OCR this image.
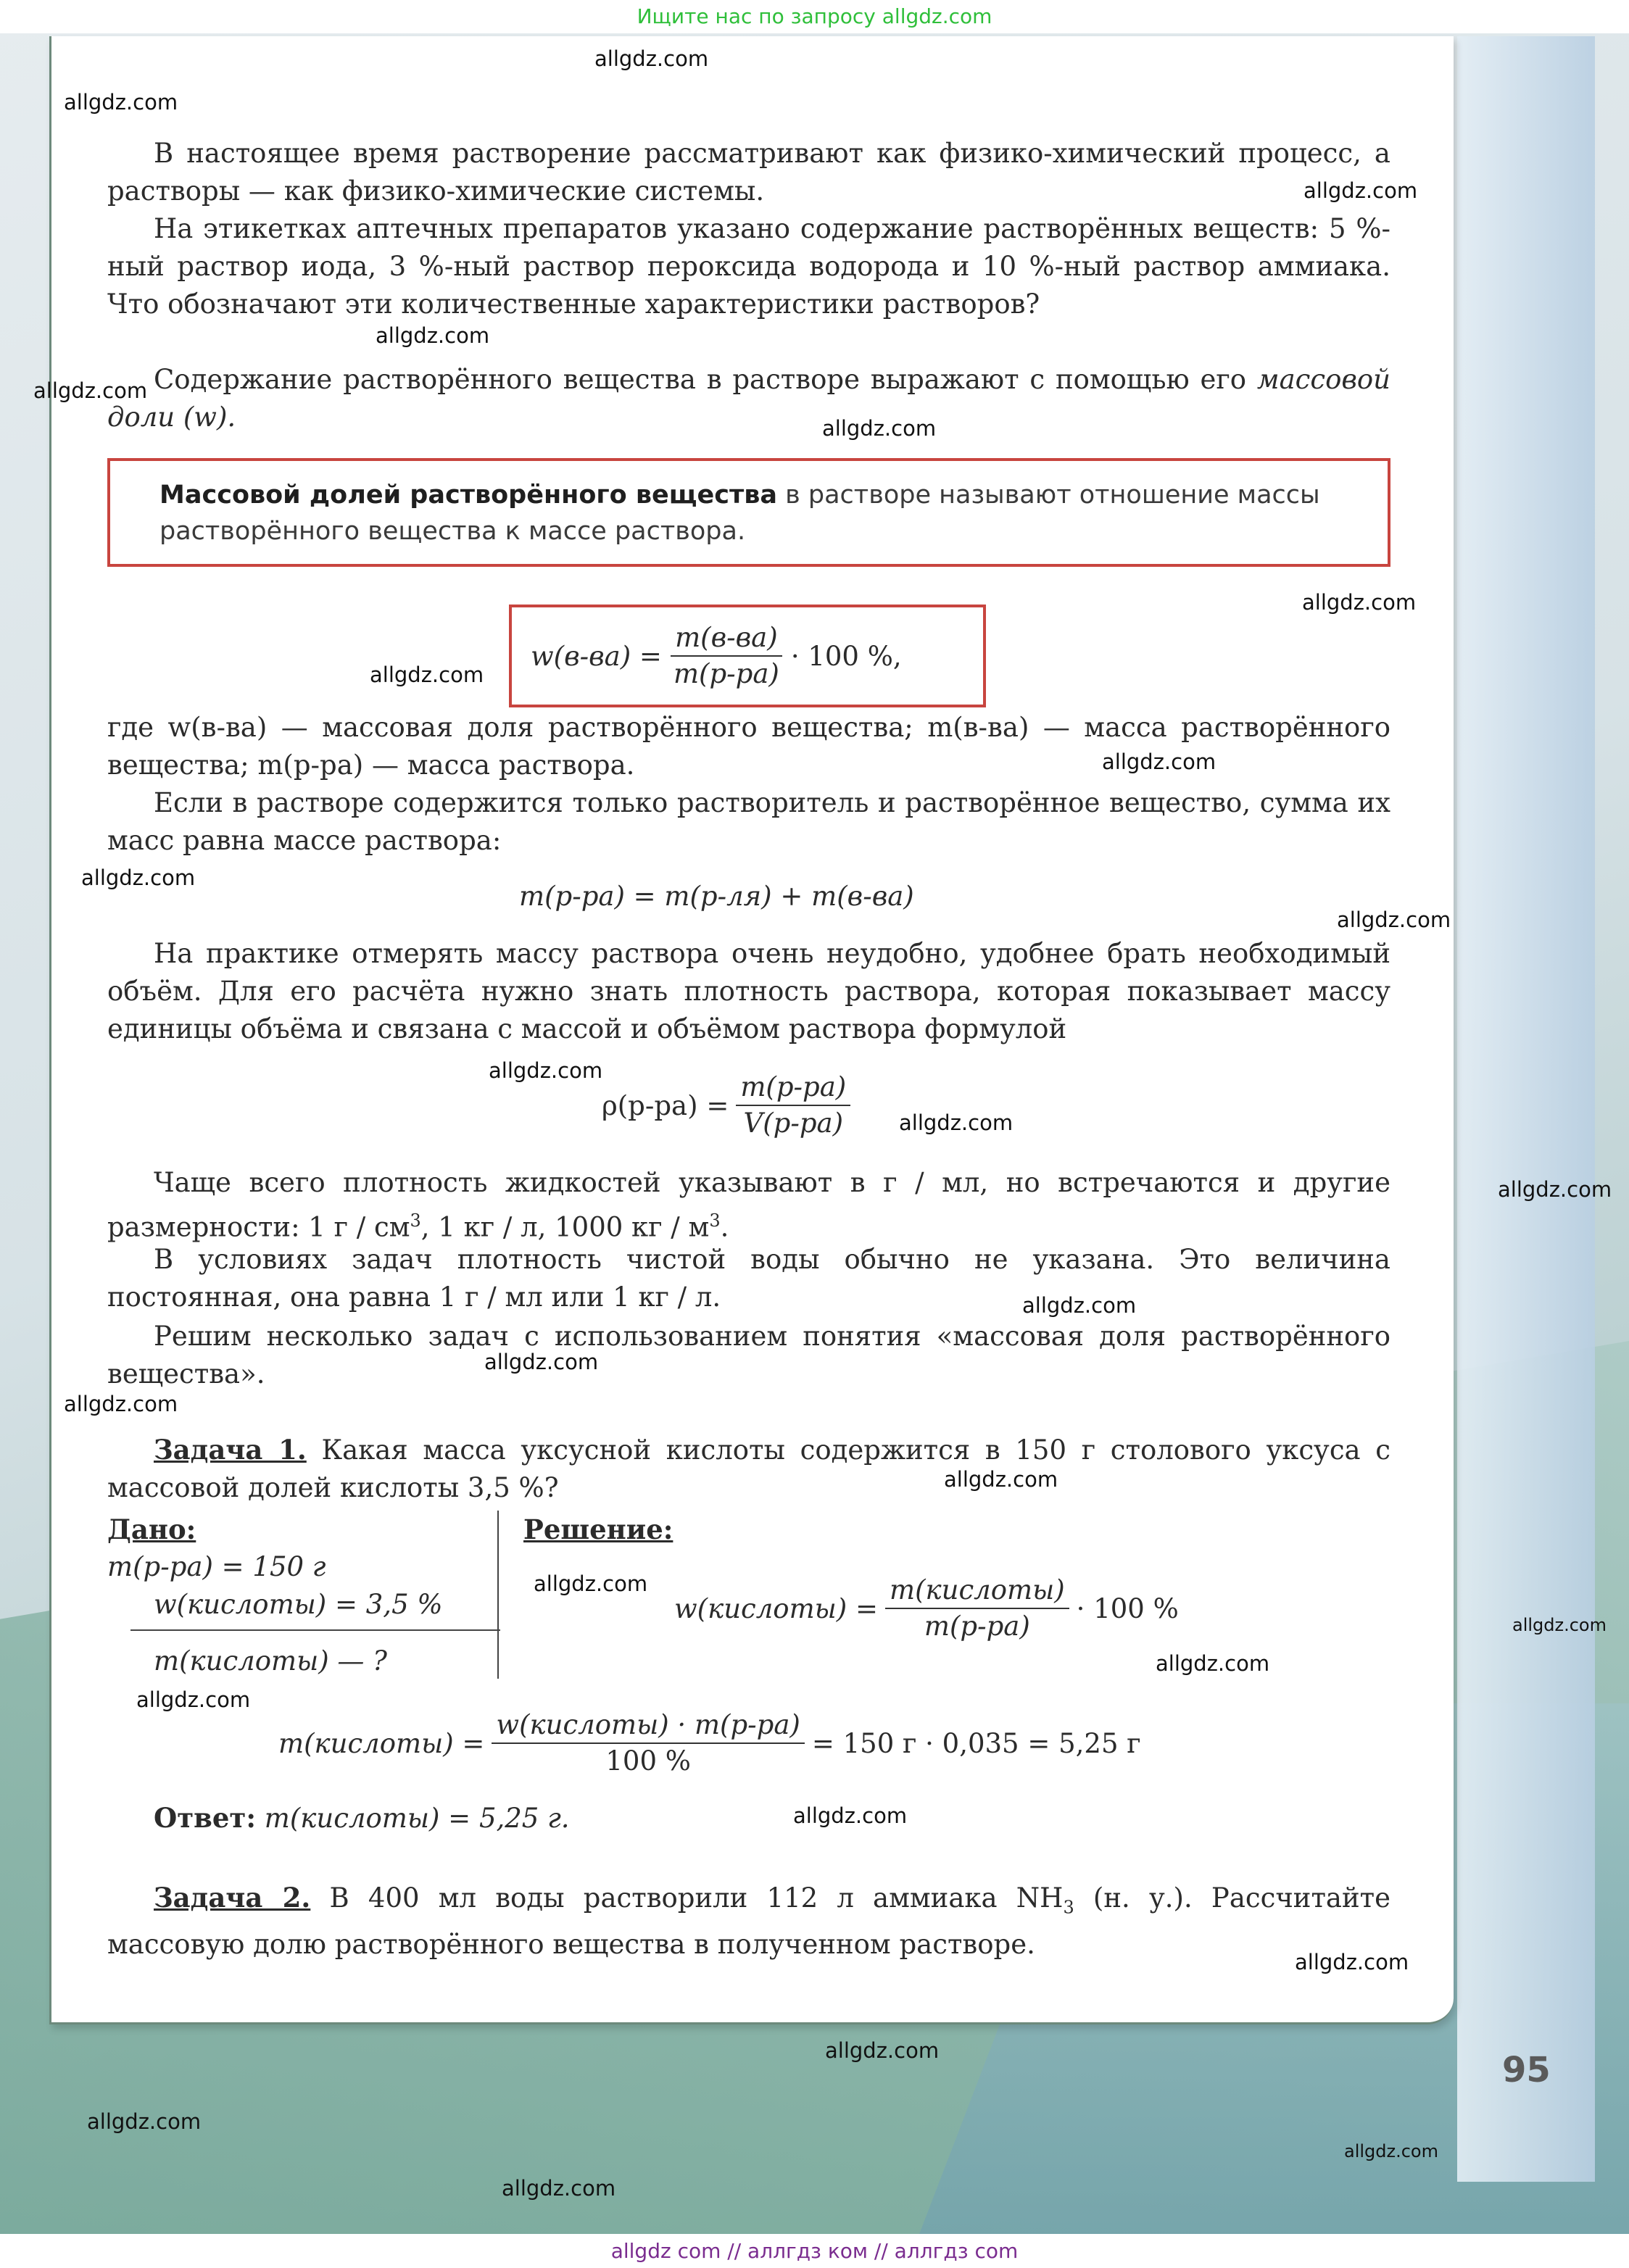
Ищите нас по запросу allgdz.com
В настоящее время растворение рассматривают как физико-химический процесс, а растворы — как физико-химические системы.
На этикетках аптечных препаратов указано содержание растворённых веществ: 5 %-ный раствор иода, 3 %-ный раствор пероксида водорода и 10 %-ный раствор аммиака. Что обозначают эти количественные характеристики растворов?
Содержание растворённого вещества в растворе выражают с помощью его массовой доли (w).
Массовой долей растворённого вещества в растворе называют отношение массы растворённого вещества к массе раствора.
$w(в-ва) = \frac{m(в-ва)}{m(р-ра)} \cdot 100$ %,
где w(в-ва) — массовая доля растворённого вещества; m(в-ва) — масса растворённого вещества; m(р-ра) — масса раствора.
Если в растворе содержится только растворитель и растворённое вещество, сумма их масс равна массе раствора:
m(р-ра) = m(р-ля) + m(в-ва)
На практике отмерять массу раствора очень неудобно, удобнее брать необходимый объём. Для его расчёта нужно знать плотность раствора, которая показывает массу единицы объёма и связана с массой и объёмом раствора формулой
$\rho(р-ра) = \frac{m(р-ра)}{V(р-ра)}$
Чаще всего плотность жидкостей указывают в г / мл, но встречаются и другие размерности: 1 г / $см^3$, 1 кг / л, 1000 кг / $м^3$.
В условиях задач плотность чистой воды обычно не указана. Это величина постоянная, она равна 1 г / мл или 1 кг / л.
Решим несколько задач с использованием понятия «массовая доля растворённого вещества».
Задача 1. Какая масса уксусной кислоты содержится в 150 г столового уксуса с массовой долей кислоты 3,5 %?
Дано:
m(р-ра) = 150 г
w(кислоты) = 3,5 %
m(кислоты) — ?
Решение:
w(кислоты) = $\frac{\text{m(кислоты)}}{m(р-ра)} \cdot 100$ %
m(кислоты) = $\frac{\text{w(кислоты) · m(р-ра)}}{100 \%} = 150$ г · 0,035 = 5,25 г
Ответ: m(кислоты) = 5,25 г.
Задача 2. В 400 мл воды растворили 112 л аммиака $NH_3$ (н. у.). Рассчитайте массовую долю растворённого вещества в полученном растворе.
95
allgdz.com
allgdz.com
allgdz.com
allgdz.com
allgdz.com
allgdz.com
allgdz.com
allgdz.com
allgdz.com
allgdz.com
allgdz.com
allgdz.com
allgdz.com
allgdz.com
allgdz.com
allgdz.com
allgdz.com
allgdz.com
allgdz.com
allgdz.com
allgdz.com
allgdz.com
allgdz.com
allgdz.com
allgdz.com
allgdz.com
allgdz.com
allgdz.com
allgdz com // аллгдз ком // аллгдз com
